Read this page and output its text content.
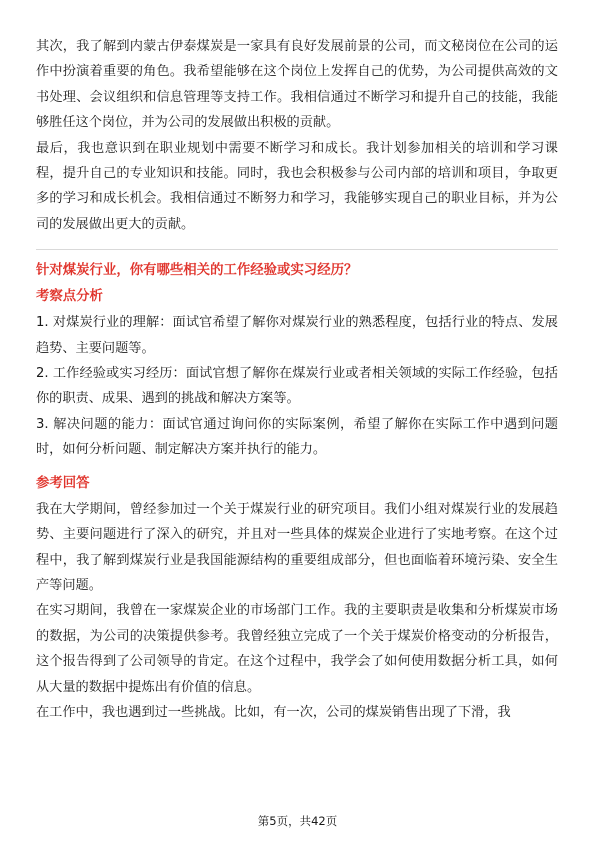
其次，我了解到内蒙古伊泰煤炭是一家具有良好发展前景的公司，而文秘岗位在公司的运作中扮演着重要的角色。我希望能够在这个岗位上发挥自己的优势，为公司提供高效的文书处理、会议组织和信息管理等支持工作。我相信通过不断学习和提升自己的技能，我能够胜任这个岗位，并为公司的发展做出积极的贡献。

最后，我也意识到在职业规划中需要不断学习和成长。我计划参加相关的培训和学习课程，提升自己的专业知识和技能。同时，我也会积极参与公司内部的培训和项目，争取更多的学习和成长机会。我相信通过不断努力和学习，我能够实现自己的职业目标，并为公司的发展做出更大的贡献。

针对煤炭行业，你有哪些相关的工作经验或实习经历？

考察点分析

1. 对煤炭行业的理解：面试官希望了解你对煤炭行业的熟悉程度，包括行业的特点、发展趋势、主要问题等。

2. 工作经验或实习经历：面试官想了解你在煤炭行业或者相关领域的实际工作经验，包括你的职责、成果、遇到的挑战和解决方案等。

3. 解决问题的能力：面试官通过询问你的实际案例，希望了解你在实际工作中遇到问题时，如何分析问题、制定解决方案并执行的能力。

参考回答

我在大学期间，曾经参加过一个关于煤炭行业的研究项目。我们小组对煤炭行业的发展趋势、主要问题进行了深入的研究，并且对一些具体的煤炭企业进行了实地考察。在这个过程中，我了解到煤炭行业是我国能源结构的重要组成部分，但也面临着环境污染、安全生产等问题。

在实习期间，我曾在一家煤炭企业的市场部门工作。我的主要职责是收集和分析煤炭市场的数据，为公司的决策提供参考。我曾经独立完成了一个关于煤炭价格变动的分析报告，这个报告得到了公司领导的肯定。在这个过程中，我学会了如何使用数据分析工具，如何从大量的数据中提炼出有价值的信息。

在工作中，我也遇到过一些挑战。比如，有一次，公司的煤炭销售出现了下滑，我

第5页，共42页
